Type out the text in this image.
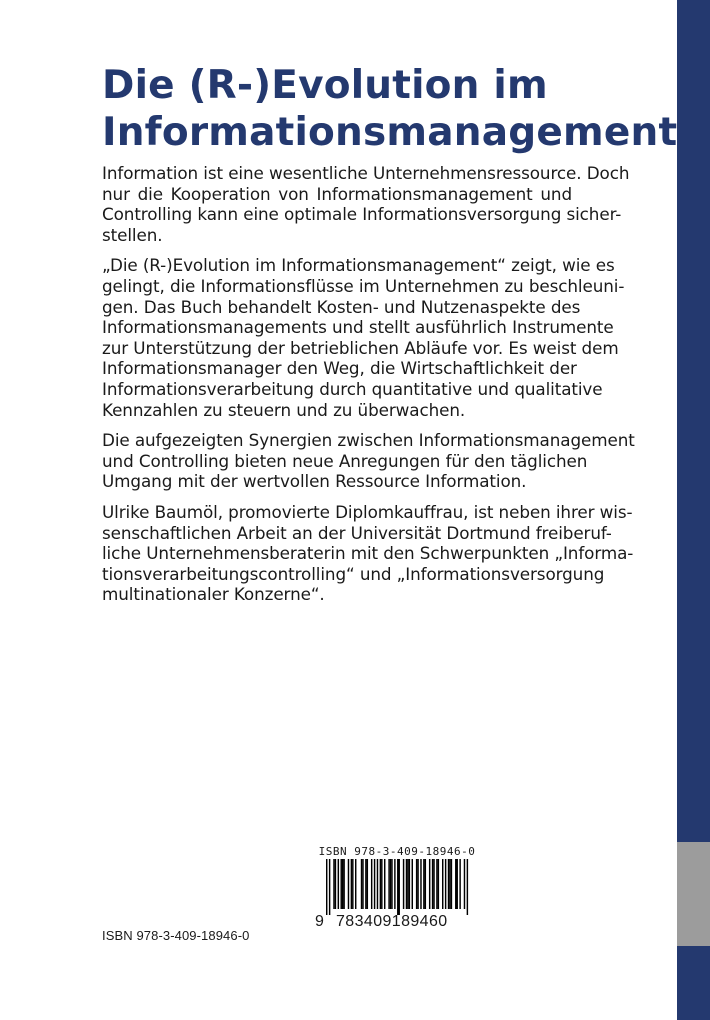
Die (R-)Evolution im
Informationsmanagement

Information ist eine wesentliche Unternehmensressource. Doch
nur die Kooperation von Informationsmanagement und
Controlling kann eine optimale Informationsversorgung sicher-
stellen.

„Die (R-)Evolution im Informationsmanagement“ zeigt, wie es
gelingt, die Informationsflüsse im Unternehmen zu beschleuni-
gen. Das Buch behandelt Kosten- und Nutzenaspekte des
Informationsmanagements und stellt ausführlich Instrumente
zur Unterstützung der betrieblichen Abläufe vor. Es weist dem
Informationsmanager den Weg, die Wirtschaftlichkeit der
Informationsverarbeitung durch quantitative und qualitative
Kennzahlen zu steuern und zu überwachen.

Die aufgezeigten Synergien zwischen Informationsmanagement
und Controlling bieten neue Anregungen für den täglichen
Umgang mit der wertvollen Ressource Information.

Ulrike Baumöl, promovierte Diplomkauffrau, ist neben ihrer wis-
senschaftlichen Arbeit an der Universität Dortmund freiberuf-
liche Unternehmensberaterin mit den Schwerpunkten „Informa-
tionsverarbeitungscontrolling“ und „Informationsversorgung
multinationaler Konzerne“.

ISBN 978-3-409-18946-0
9 783409189460
ISBN 978-3-409-18946-0
